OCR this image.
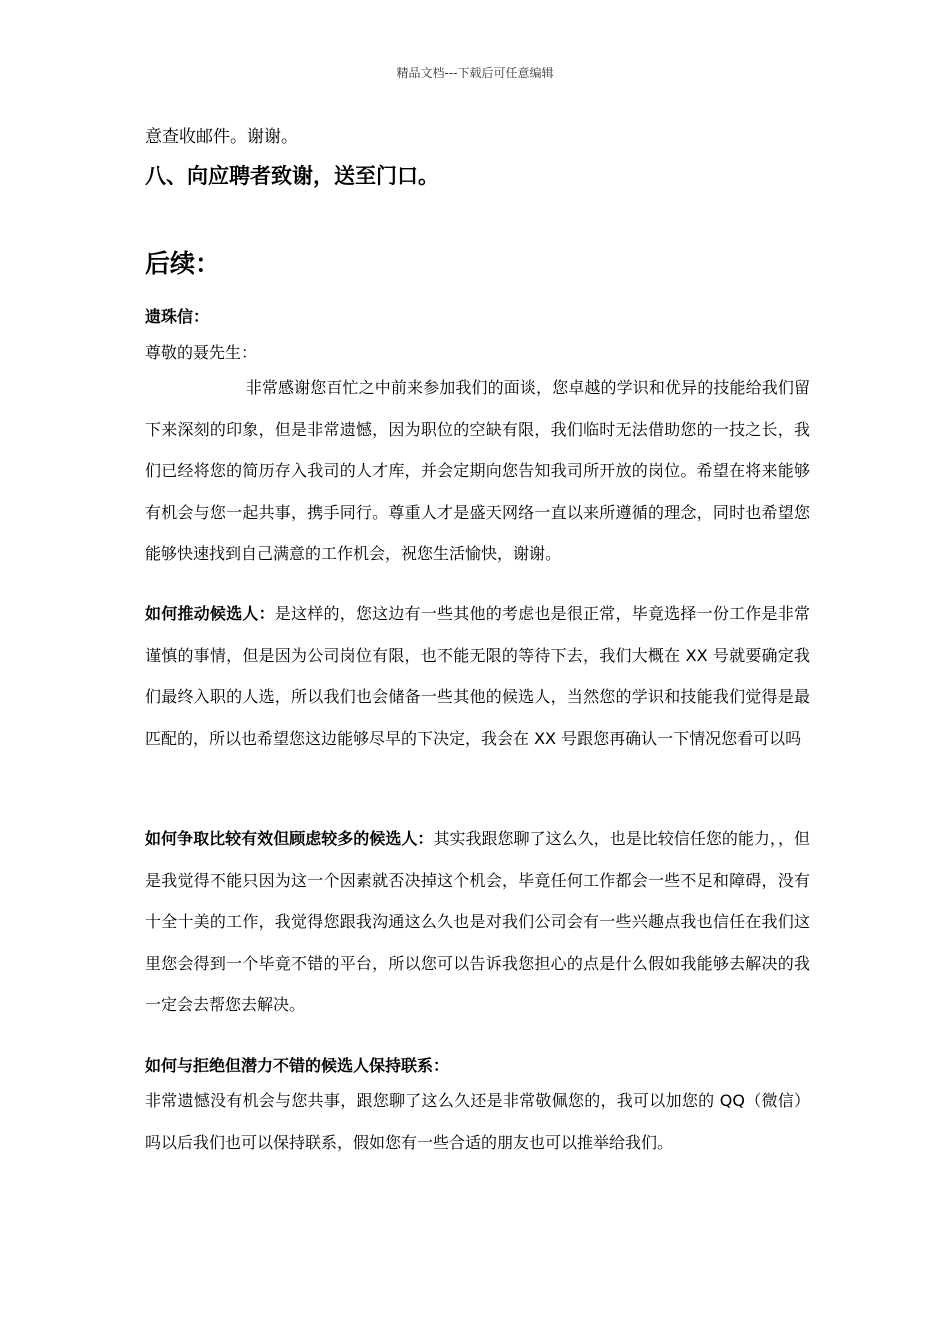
精品文档---下载后可任意编辑

意查收邮件。谢谢。

八、向应聘者致谢，送至门口。
后续：

遗珠信：

尊敬的聂先生：

非常感谢您百忙之中前来参加我们的面谈，您卓越的学识和优异的技能给我们留下来深刻的印象，但是非常遗憾，因为职位的空缺有限，我们临时无法借助您的一技之长，我们已经将您的简历存入我司的人才库，并会定期向您告知我司所开放的岗位。希望在将来能够有机会与您一起共事，携手同行。尊重人才是盛天网络一直以来所遵循的理念，同时也希望您能够快速找到自己满意的工作机会，祝您生活愉快，谢谢。

如何推动候选人：是这样的，您这边有一些其他的考虑也是很正常，毕竟选择一份工作是非常谨慎的事情，但是因为公司岗位有限，也不能无限的等待下去，我们大概在 XX 号就要确定我们最终入职的人选，所以我们也会储备一些其他的候选人，当然您的学识和技能我们觉得是最匹配的，所以也希望您这边能够尽早的下决定，我会在 XX 号跟您再确认一下情况您看可以吗

如何争取比较有效但顾虑较多的候选人：其实我跟您聊了这么久，也是比较信任您的能力，，但是我觉得不能只因为这一个因素就否决掉这个机会，毕竟任何工作都会一些不足和障碍，没有十全十美的工作，我觉得您跟我沟通这么久也是对我们公司会有一些兴趣点我也信任在我们这里您会得到一个毕竟不错的平台，所以您可以告诉我您担心的点是什么假如我能够去解决的我一定会去帮您去解决。

如何与拒绝但潜力不错的候选人保持联系：

非常遗憾没有机会与您共事，跟您聊了这么久还是非常敬佩您的，我可以加您的 QQ（微信）吗以后我们也可以保持联系，假如您有一些合适的朋友也可以推举给我们。
